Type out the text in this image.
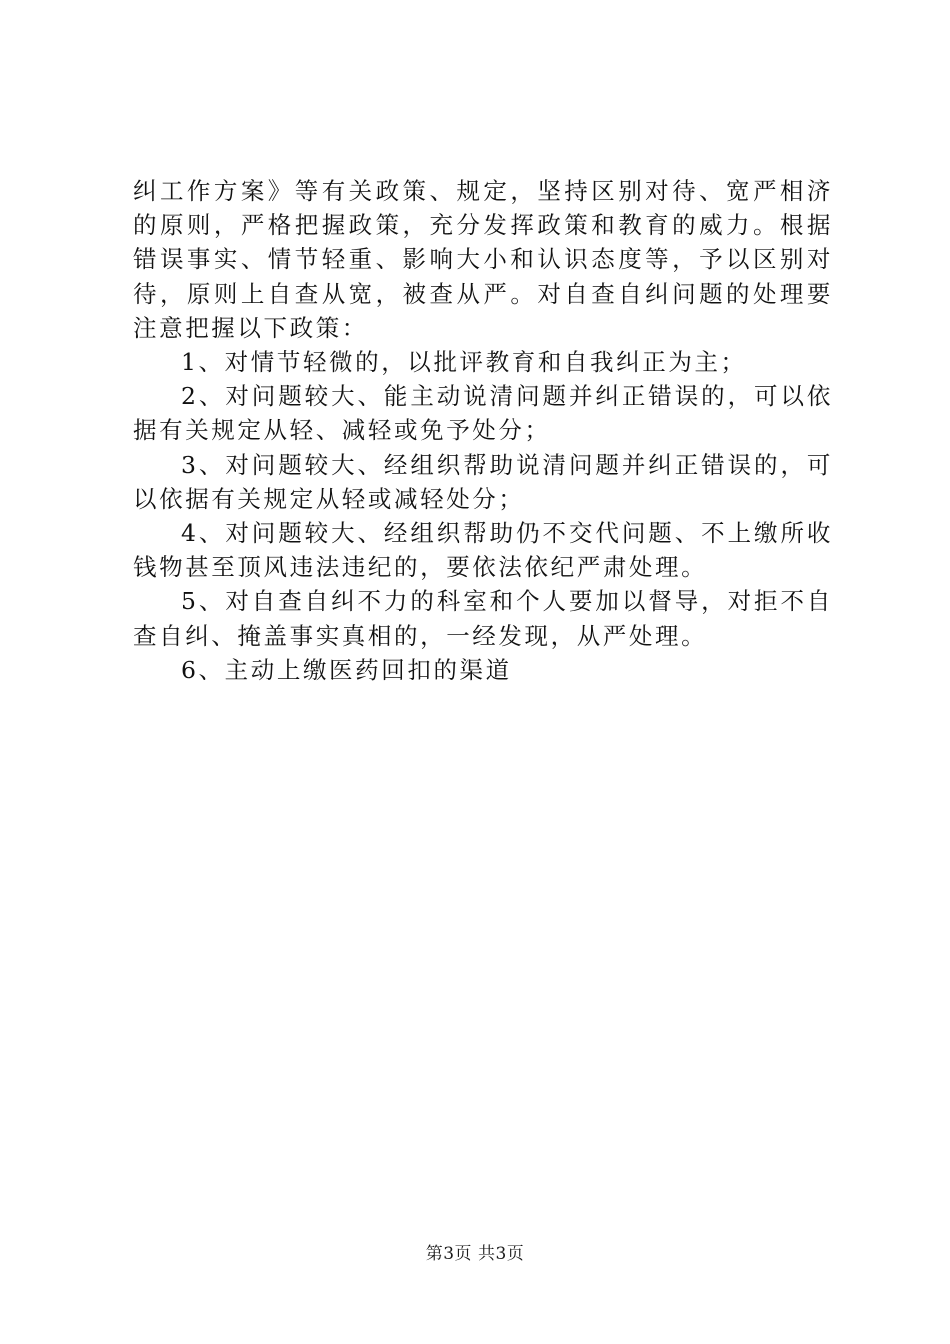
纠工作方案》等有关政策、规定，坚持区别对待、宽严相济的原则，严格把握政策，充分发挥政策和教育的威力。根据错误事实、情节轻重、影响大小和认识态度等，予以区别对待，原则上自查从宽，被查从严。对自查自纠问题的处理要注意把握以下政策：

1、对情节轻微的，以批评教育和自我纠正为主；

2、对问题较大、能主动说清问题并纠正错误的，可以依据有关规定从轻、减轻或免予处分；

3、对问题较大、经组织帮助说清问题并纠正错误的，可以依据有关规定从轻或减轻处分；

4、对问题较大、经组织帮助仍不交代问题、不上缴所收钱物甚至顶风违法违纪的，要依法依纪严肃处理。

5、对自查自纠不力的科室和个人要加以督导，对拒不自查自纠、掩盖事实真相的，一经发现，从严处理。

6、主动上缴医药回扣的渠道

第3页 共3页
